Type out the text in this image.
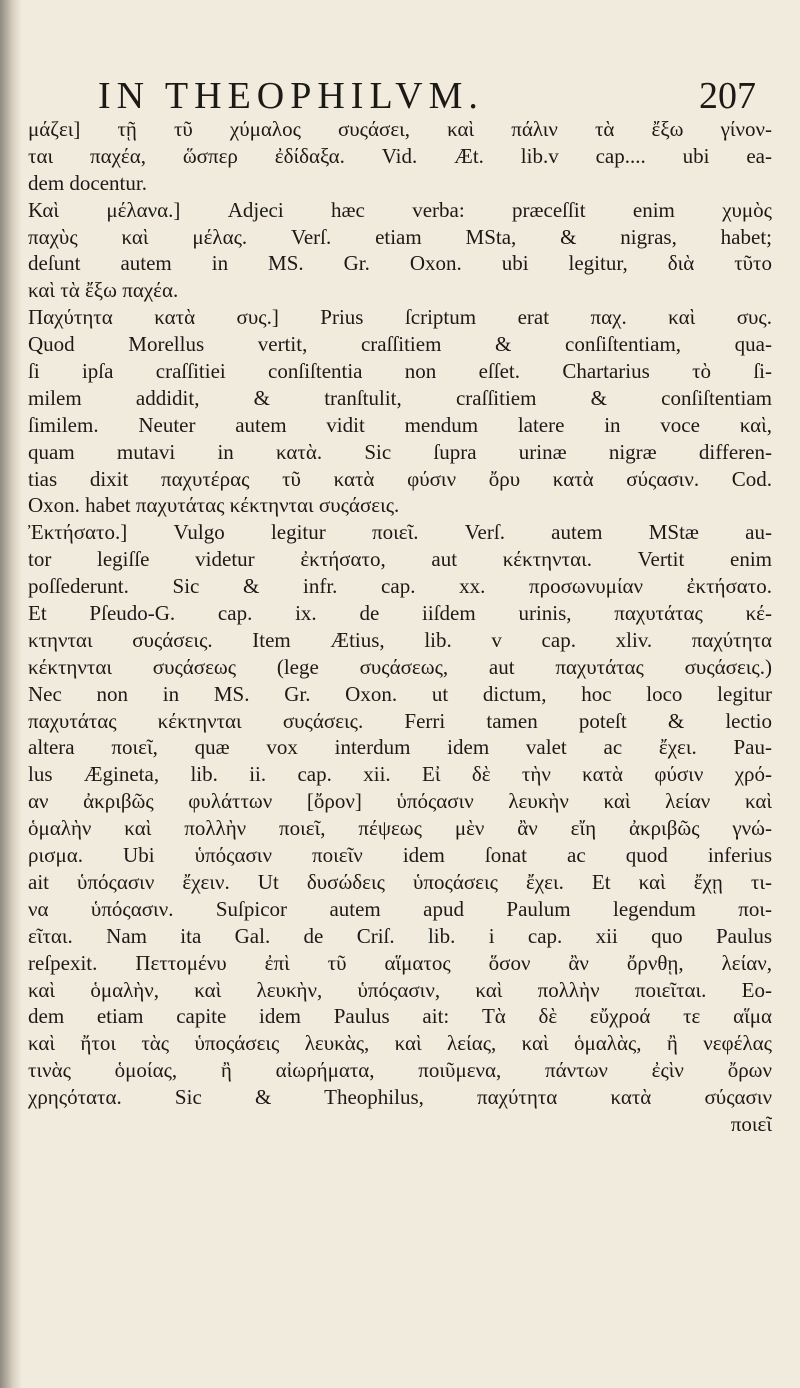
IN THEOPHILVM.	207
μάζει] τῇ τῦ χύμαλος συςάσει, καὶ πάλιν τὰ ἔξω γίνον-
ται παχέα, ὥσπερ ἐδίδαξα. Vid. Æt. lib.v cap.... ubi ea-
dem docentur.
Καὶ μέλανα.] Adjeci hæc verba: præceſſit enim χυμὸς
παχὺς καὶ μέλας. Verſ. etiam MSta, & nigras, habet;
deſunt autem in MS. Gr. Oxon. ubi legitur, διὰ τῦτο
καὶ τὰ ἔξω παχέα.
Παχύτητα κατὰ συς.] Prius ſcriptum erat παχ. καὶ συς.
Quod Morellus vertit, craſſitiem & conſiſtentiam, qua-
ſi ipſa craſſitiei conſiſtentia non eſſet. Chartarius τὸ ſi-
milem addidit, & tranſtulit, craſſitiem & conſiſtentiam
ſimilem. Neuter autem vidit mendum latere in voce καὶ,
quam mutavi in κατὰ. Sic ſupra urinæ nigræ differen-
tias dixit παχυτέρας τῦ κατὰ φύσιν ὄρυ κατὰ σύςασιν. Cod.
Oxon. habet παχυτάτας κέκτηνται συςάσεις.
Ἐκτήσατο.] Vulgo legitur ποιεῖ. Verſ. autem MStæ au-
tor legiſſe videtur ἐκτήσατο, aut κέκτηνται. Vertit enim
poſſederunt. Sic & infr. cap. xx. προσωνυμίαν ἐκτήσατο.
Et Pſeudo-G. cap. ix. de iiſdem urinis, παχυτάτας κέ-
κτηνται συςάσεις. Item Ætius, lib. v cap. xliv. παχύτητα
κέκτηνται συςάσεως (lege συςάσεως, aut παχυτάτας συςάσεις.)
Nec non in MS. Gr. Oxon. ut dictum, hoc loco legitur
παχυτάτας κέκτηνται συςάσεις. Ferri tamen poteſt & lectio
altera ποιεῖ, quæ vox interdum idem valet ac ἔχει. Pau-
lus Ægineta, lib. ii. cap. xii. Εἰ δὲ τὴν κατὰ φύσιν χρό-
αν ἀκριβῶς φυλάττων [ὄρον] ὑπόςασιν λευκὴν καὶ λείαν καὶ
ὁμαλὴν καὶ πολλὴν ποιεῖ, πέψεως μὲν ἂν εἴη ἀκριβῶς γνώ-
ρισμα. Ubi ὑπόςασιν ποιεῖν idem ſonat ac quod inferius
ait ὑπόςασιν ἔχειν. Ut δυσώδεις ὑποςάσεις ἔχει. Et καὶ ἔχῃ τι-
να ὑπόςασιν. Suſpicor autem apud Paulum legendum ποι-
εῖται. Nam ita Gal. de Criſ. lib. i cap. xii quo Paulus
reſpexit. Πεττομένυ ἐπὶ τῦ αἵματος ὅσον ἂν ὄρνθῃ, λείαν,
καὶ ὁμαλὴν, καὶ λευκὴν, ὑπόςασιν, καὶ πολλὴν ποιεῖται. Eo-
dem etiam capite idem Paulus ait: Τὰ δὲ εὔχροά τε αἵμα
καὶ ἤτοι τὰς ὑποςάσεις λευκὰς, καὶ λείας, καὶ ὁμαλὰς, ἢ νεφέλας
τινὰς ὁμοίας, ἢ αἰωρήματα, ποιῦμενα, πάντων ἐςὶν ὄρων
χρηςότατα. Sic & Theophilus, παχύτητα κατὰ σύςασιν
ποιεῖ
